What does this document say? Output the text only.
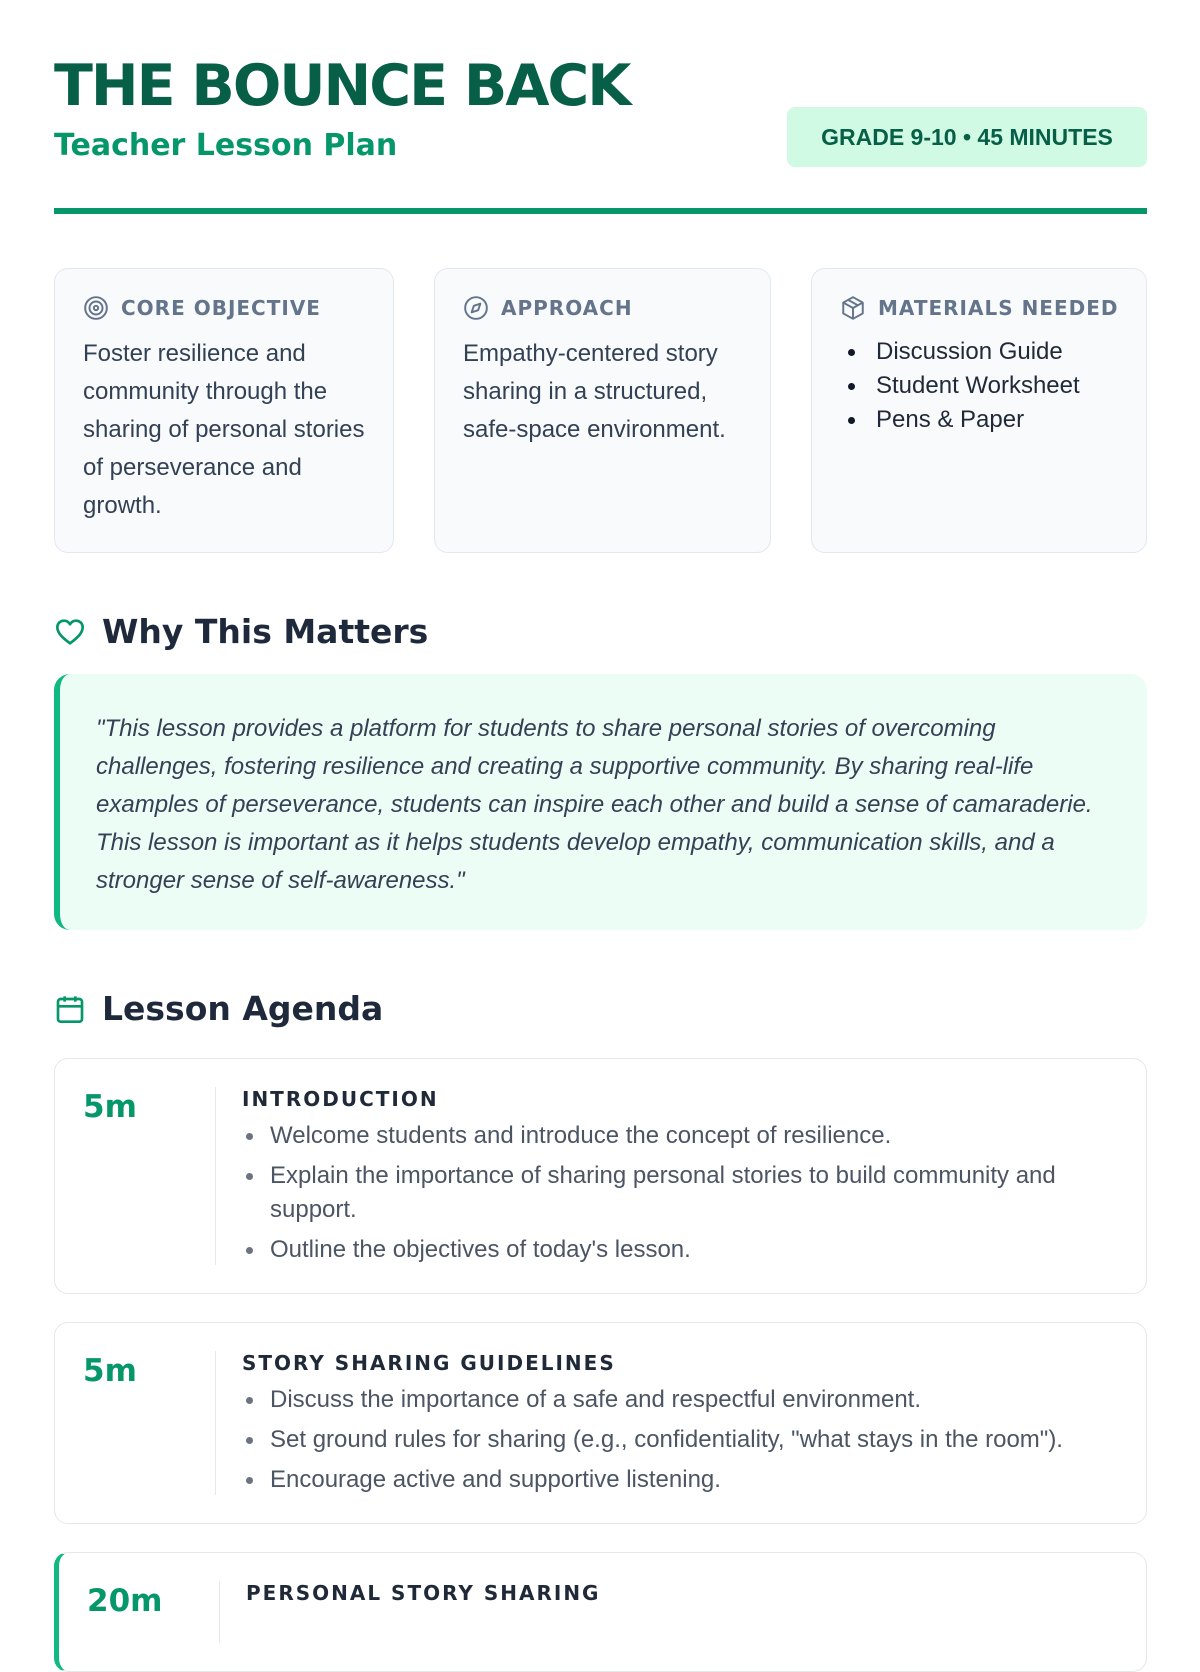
THE BOUNCE BACK
Teacher Lesson Plan	GRADE 9-10 • 45 MINUTES
CORE OBJECTIVE

Foster resilience and community through the sharing of personal stories of perseverance and growth.

APPROACH

Empathy-centered story sharing in a structured, safe-space environment.

MATERIALS NEEDED
Discussion Guide
Student Worksheet
Pens & Paper
Why This Matters

"This lesson provides a platform for students to share personal stories of overcoming challenges, fostering resilience and creating a supportive community. By sharing real-life examples of perseverance, students can inspire each other and build a sense of camaraderie. This lesson is important as it helps students develop empathy, communication skills, and a stronger sense of self-awareness."

Lesson Agenda
5m	INTRODUCTION
Welcome students and introduce the concept of resilience.
Explain the importance of sharing personal stories to build community and support.
Outline the objectives of today's lesson.
5m	STORY SHARING GUIDELINES
Discuss the importance of a safe and respectful environment.
Set ground rules for sharing (e.g., confidentiality, "what stays in the room").
Encourage active and supportive listening.
20m	PERSONAL STORY SHARING
